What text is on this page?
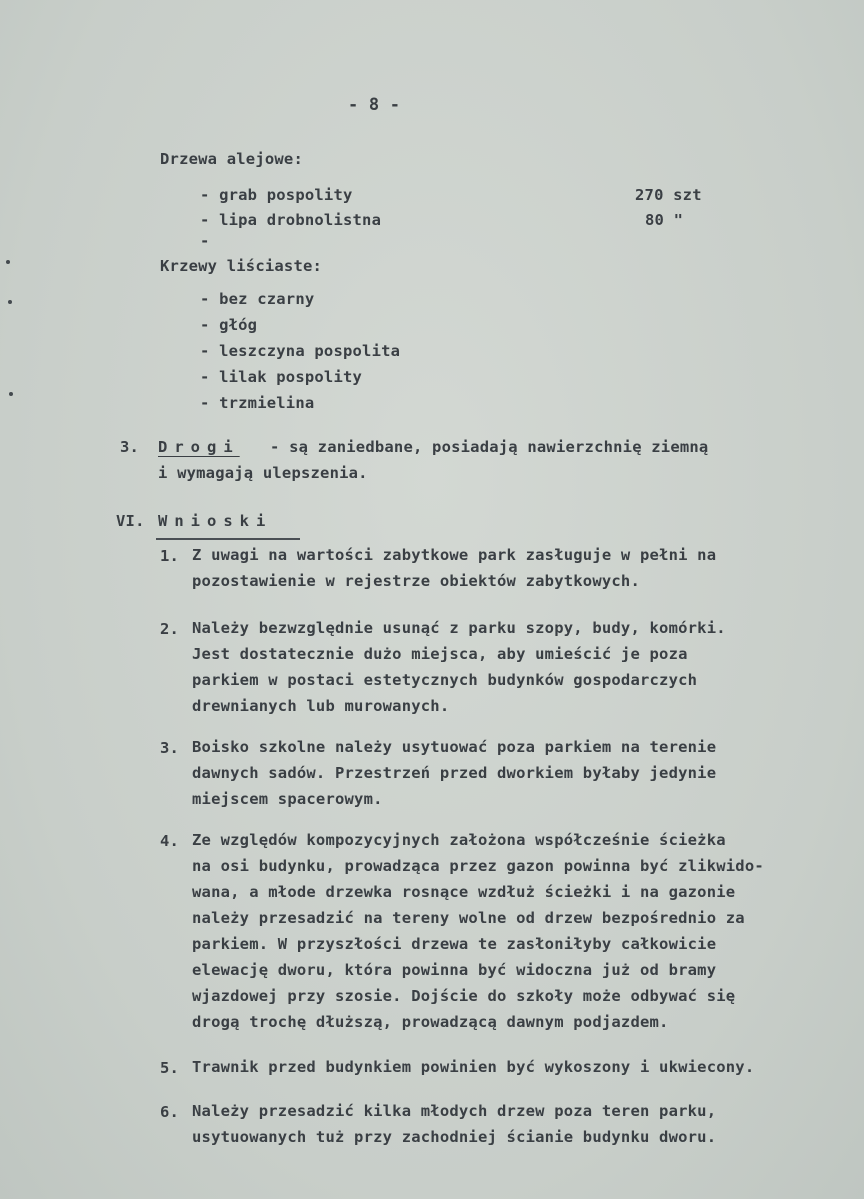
- 8 -
Drzewa alejowe:
- grab pospolity	270 szt
- lipa drobnolistna	80 "
-
Krzewy liściaste:
- bez czarny
- głóg
- leszczyna pospolita
- lilak pospolity
- trzmielina
3. Drogi - są zaniedbane, posiadają nawierzchnię ziemną
i wymagają ulepszenia.
VI. Wnioski
1. Z uwagi na wartości zabytkowe park zasługuje w pełni na
pozostawienie w rejestrze obiektów zabytkowych.
2. Należy bezwzględnie usunąć z parku szopy, budy, komórki.
Jest dostatecznie dużo miejsca, aby umieścić je poza
parkiem w postaci estetycznych budynków gospodarczych
drewnianych lub murowanych.
3. Boisko szkolne należy usytuować poza parkiem na terenie
dawnych sadów. Przestrzeń przed dworkiem byłaby jedynie
miejscem spacerowym.
4. Ze względów kompozycyjnych założona współcześnie ścieżka
na osi budynku, prowadząca przez gazon powinna być zlikwido-
wana, a młode drzewka rosnące wzdłuż ścieżki i na gazonie
należy przesadzić na tereny wolne od drzew bezpośrednio za
parkiem. W przyszłości drzewa te zasłoniłyby całkowicie
elewację dworu, która powinna być widoczna już od bramy
wjazdowej przy szosie. Dojście do szkoły może odbywać się
drogą trochę dłuższą, prowadzącą dawnym podjazdem.
5. Trawnik przed budynkiem powinien być wykoszony i ukwiecony.
6. Należy przesadzić kilka młodych drzew poza teren parku,
usytuowanych tuż przy zachodniej ścianie budynku dworu.
